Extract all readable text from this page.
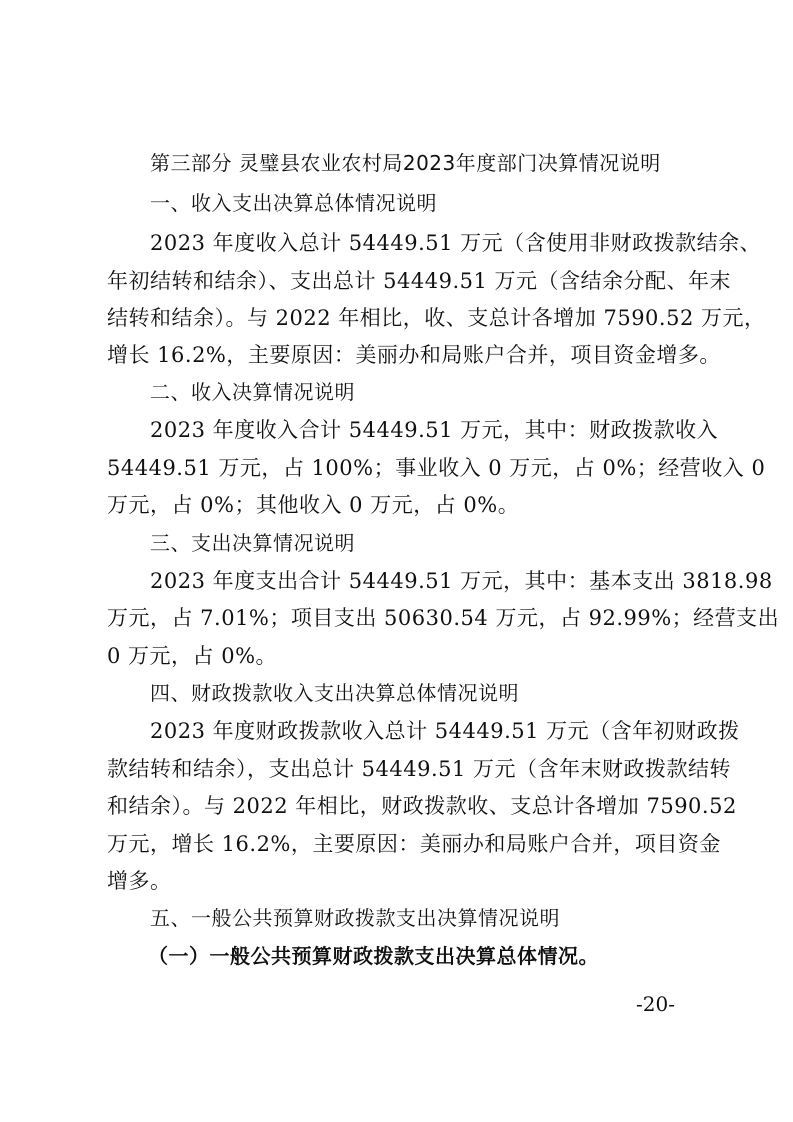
第三部分 灵璧县农业农村局2023年度部门决算情况说明
一、收入支出决算总体情况说明
2023 年度收入总计 54449.51 万元（含使用非财政拨款结余、
年初结转和结余）、支出总计 54449.51 万元（含结余分配、年末
结转和结余）。与 2022 年相比，收、支总计各增加 7590.52 万元，
增长 16.2%，主要原因：美丽办和局账户合并，项目资金增多。
二、收入决算情况说明
2023 年度收入合计 54449.51 万元，其中：财政拨款收入
54449.51 万元，占 100%；事业收入 0 万元，占 0%；经营收入 0
万元，占 0%；其他收入 0 万元，占 0%。
三、支出决算情况说明
2023 年度支出合计 54449.51 万元，其中：基本支出 3818.98
万元，占 7.01%；项目支出 50630.54 万元，占 92.99%；经营支出
0 万元，占 0%。
四、财政拨款收入支出决算总体情况说明
2023 年度财政拨款收入总计 54449.51 万元（含年初财政拨
款结转和结余），支出总计 54449.51 万元（含年末财政拨款结转
和结余）。与 2022 年相比，财政拨款收、支总计各增加 7590.52
万元，增长 16.2%，主要原因：美丽办和局账户合并，项目资金
增多。
五、一般公共预算财政拨款支出决算情况说明
（一）一般公共预算财政拨款支出决算总体情况。
-20-
